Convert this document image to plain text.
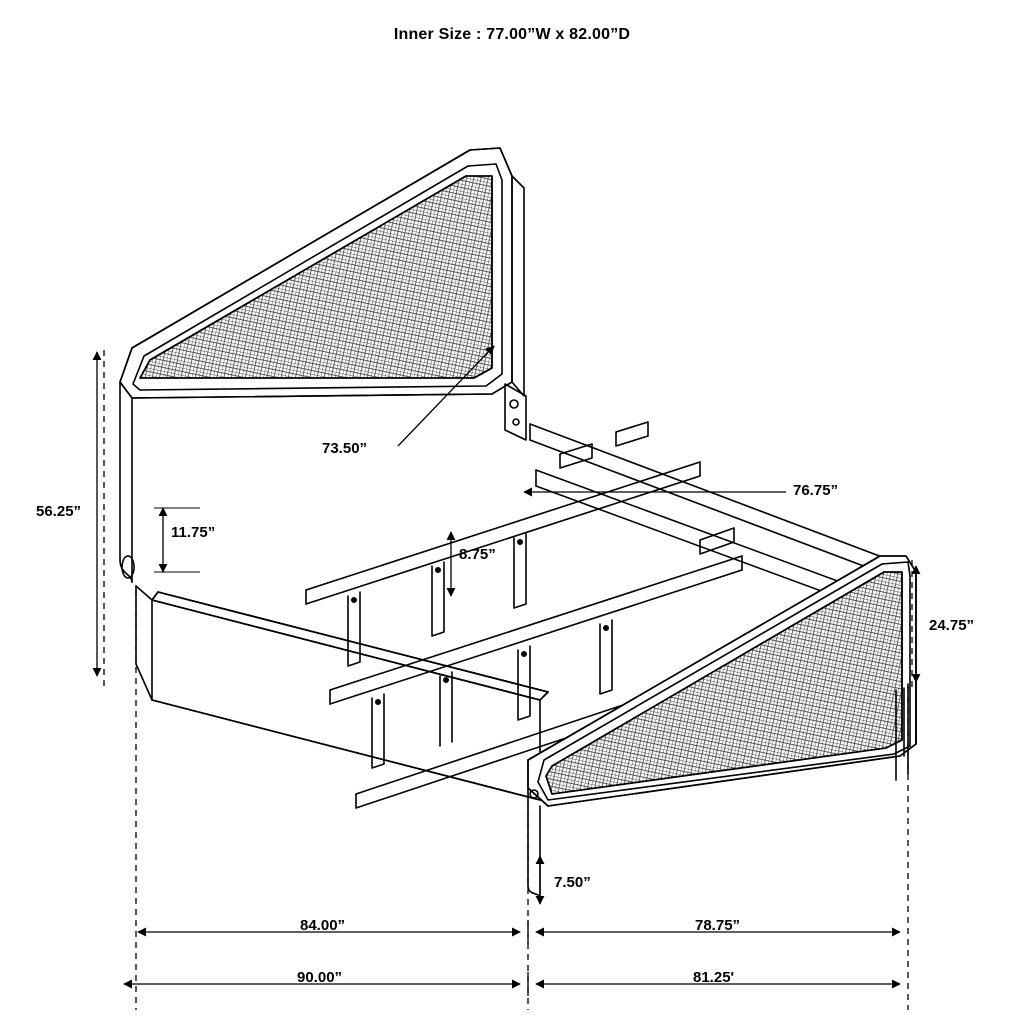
Inner Size : 77.00”W x 82.00”D
56.25”
11.75”
8.75”
73.50”
76.75”
24.75”
7.50”
84.00”	78.75”
90.00”	81.25'
